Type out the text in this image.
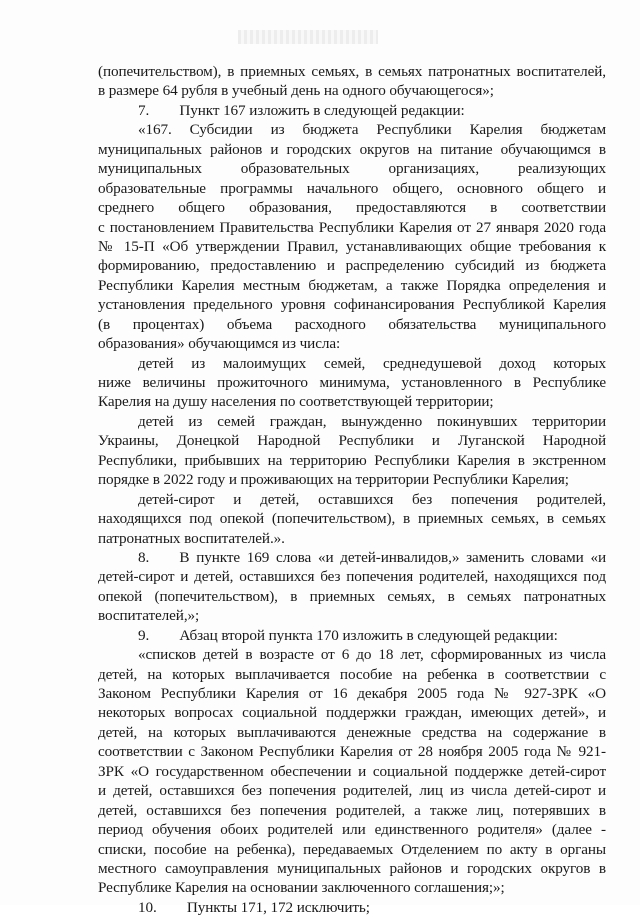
(попечительством), в приемных семьях, в семьях патронатных воспитателей,
в размере 64 рубля в учебный день на одного обучающегося»;
7.  Пункт 167 изложить в следующей редакции:
«167. Субсидии из бюджета Республики Карелия бюджетам
муниципальных районов и городских округов на питание обучающимся в
муниципальных образовательных организациях, реализующих
образовательные программы начального общего, основного общего и
среднего общего образования, предоставляются в соответствии
с постановлением Правительства Республики Карелия от 27 января 2020 года
№ 15-П «Об утверждении Правил, устанавливающих общие требования к
формированию, предоставлению и распределению субсидий из бюджета
Республики Карелия местным бюджетам, а также Порядка определения и
установления предельного уровня софинансирования Республикой Карелия
(в процентах) объема расходного обязательства муниципального
образования» обучающимся из числа:
детей из малоимущих семей, среднедушевой доход которых
ниже величины прожиточного минимума, установленного в Республике
Карелия на душу населения по соответствующей территории;
детей из семей граждан, вынужденно покинувших территории
Украины, Донецкой Народной Республики и Луганской Народной
Республики, прибывших на территорию Республики Карелия в экстренном
порядке в 2022 году и проживающих на территории Республики Карелия;
детей-сирот и детей, оставшихся без попечения родителей,
находящихся под опекой (попечительством), в приемных семьях, в семьях
патронатных воспитателей.».
8.  В пункте 169 слова «и детей-инвалидов,» заменить словами «и
детей-сирот и детей, оставшихся без попечения родителей, находящихся под
опекой (попечительством), в приемных семьях, в семьях патронатных
воспитателей,»;
9.  Абзац второй пункта 170 изложить в следующей редакции:
«списков детей в возрасте от 6 до 18 лет, сформированных из числа
детей, на которых выплачивается пособие на ребенка в соответствии с
Законом Республики Карелия от 16 декабря 2005 года № 927-ЗРК «О
некоторых вопросах социальной поддержки граждан, имеющих детей», и
детей, на которых выплачиваются денежные средства на содержание в
соответствии с Законом Республики Карелия от 28 ноября 2005 года № 921-
ЗРК «О государственном обеспечении и социальной поддержке детей-сирот
и детей, оставшихся без попечения родителей, лиц из числа детей-сирот и
детей, оставшихся без попечения родителей, а также лиц, потерявших в
период обучения обоих родителей или единственного родителя» (далее -
списки, пособие на ребенка), передаваемых Отделением по акту в органы
местного самоуправления муниципальных районов и городских округов в
Республике Карелия на основании заключенного соглашения;»;
10.  Пункты 171, 172 исключить;
